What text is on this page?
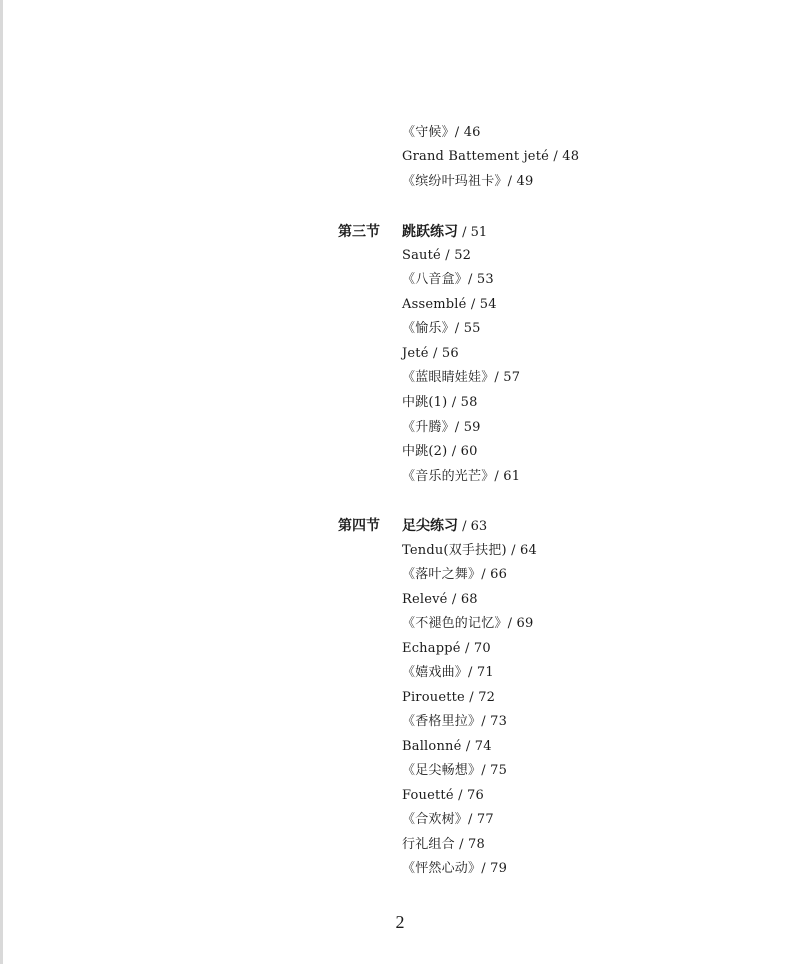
《守候》/ 46
Grand Battement jeté / 48
《缤纷叶玛祖卡》/ 49
第三节 跳跃练习 / 51
Sauté / 52
《八音盒》/ 53
Assemblé / 54
《愉乐》/ 55
Jeté / 56
《蓝眼睛娃娃》/ 57
中跳(1) / 58
《升腾》/ 59
中跳(2) / 60
《音乐的光芒》/ 61
第四节 足尖练习 / 63
Tendu(双手扶把) / 64
《落叶之舞》/ 66
Relevé / 68
《不褪色的记忆》/ 69
Echappé / 70
《嬉戏曲》/ 71
Pirouette / 72
《香格里拉》/ 73
Ballonné / 74
《足尖畅想》/ 75
Fouetté / 76
《合欢树》/ 77
行礼组合 / 78
《怦然心动》/ 79
2
